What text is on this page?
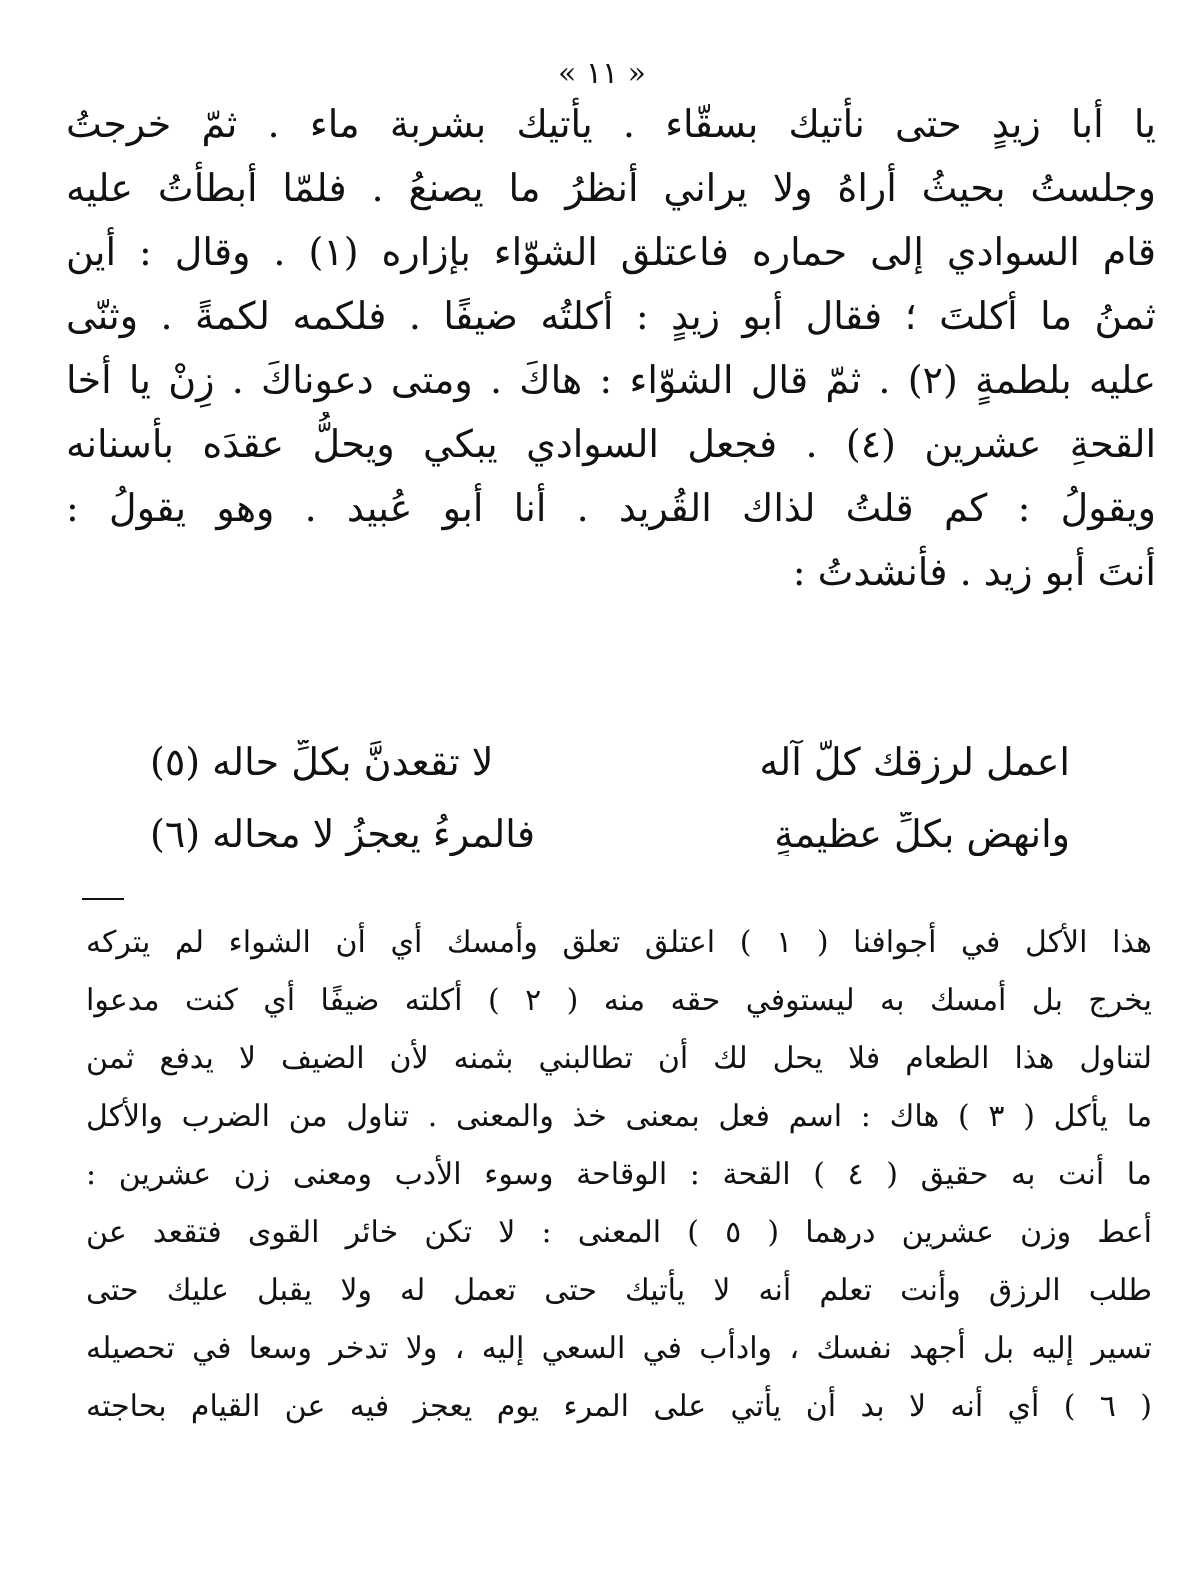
« ١١ »
يا أبا زيدٍ حتى نأتيك بسقّاء . يأتيك بشربة ماء . ثمّ خرجتُ
وجلستُ بحيثُ أراهُ ولا يراني أنظرُ ما يصنعُ . فلمّا أبطأتُ عليه
قام السوادي إلى حماره فاعتلق الشوّاء بإزاره (١) . وقال : أين
ثمنُ ما أكلتَ ؛ فقال أبو زيدٍ : أكلتُه ضيفًا . فلكمه لكمةً . وثنّى
عليه بلطمةٍ (٢) . ثمّ قال الشوّاء : هاكَ . ومتى دعوناكَ . زِنْ يا أخا
القحةِ عشرين (٤) . فجعل السوادي يبكي ويحلُّ عقدَه بأسنانه
ويقولُ : كم قلتُ لذاك القُريد . أنا أبو عُبيد . وهو يقولُ :
أنتَ أبو زيد . فأنشدتُ :
اعمل لرزقك كلَّ آله
لا تقعدنَّ بكلِّ حاله (٥)
وانهض بكلِّ عظيمةٍ
فالمرءُ يعجزُ لا محاله (٦)
هذا الأكل في أجوافنا ( ١ ) اعتلق تعلق وأمسك أي أن الشواء لم يتركه
يخرج بل أمسك به ليستوفي حقه منه ( ٢ ) أكلته ضيفًا أي كنت مدعوا
لتناول هذا الطعام فلا يحل لك أن تطالبني بثمنه لأن الضيف لا يدفع ثمن
ما يأكل ( ٣ ) هاك : اسم فعل بمعنى خذ والمعنى . تناول من الضرب والأكل
ما أنت به حقيق ( ٤ ) القحة : الوقاحة وسوء الأدب ومعنى زن عشرين :
أعط وزن عشرين درهما ( ٥ ) المعنى : لا تكن خائر القوى فتقعد عن
طلب الرزق وأنت تعلم أنه لا يأتيك حتى تعمل له ولا يقبل عليك حتى
تسير إليه بل أجهد نفسك ، وادأب في السعي إليه ، ولا تدخر وسعا في تحصيله
( ٦ ) أي أنه لا بد أن يأتي على المرء يوم يعجز فيه عن القيام بحاجته
